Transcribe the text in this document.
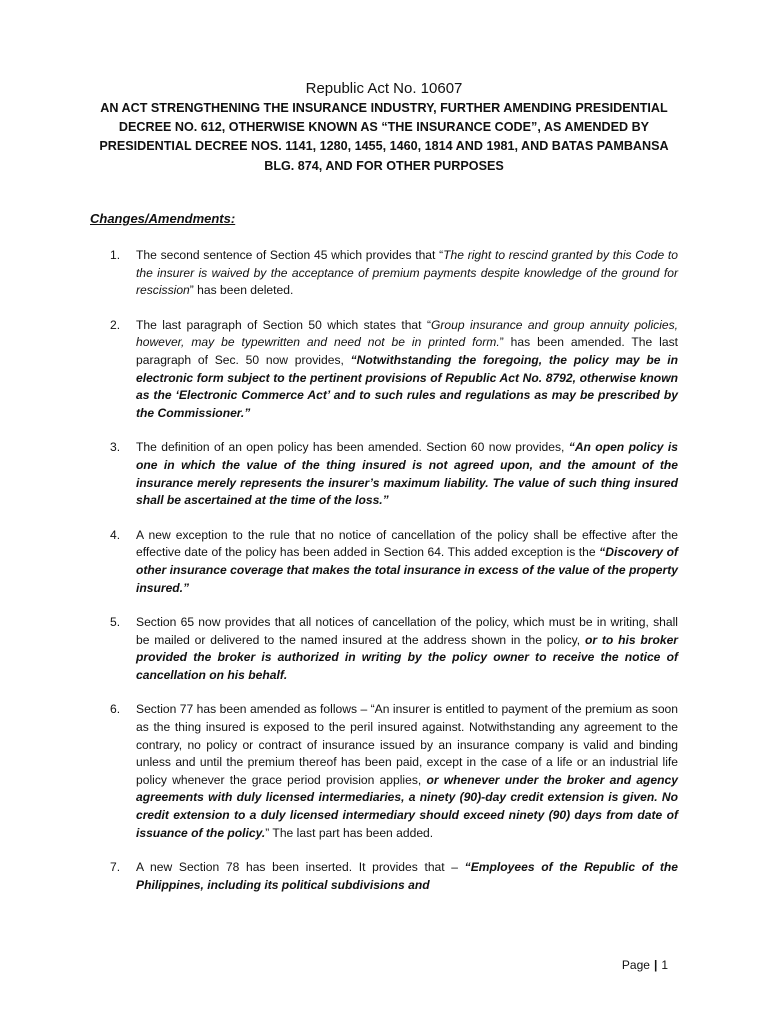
Republic Act No. 10607
AN ACT STRENGTHENING THE INSURANCE INDUSTRY, FURTHER AMENDING PRESIDENTIAL DECREE NO. 612, OTHERWISE KNOWN AS “THE INSURANCE CODE”, AS AMENDED BY PRESIDENTIAL DECREE NOS. 1141, 1280, 1455, 1460, 1814 AND 1981, AND BATAS PAMBANSA BLG. 874, AND FOR OTHER PURPOSES
Changes/Amendments:
1. The second sentence of Section 45 which provides that “The right to rescind granted by this Code to the insurer is waived by the acceptance of premium payments despite knowledge of the ground for rescission” has been deleted.
2. The last paragraph of Section 50 which states that “Group insurance and group annuity policies, however, may be typewritten and need not be in printed form.” has been amended. The last paragraph of Sec. 50 now provides, “Notwithstanding the foregoing, the policy may be in electronic form subject to the pertinent provisions of Republic Act No. 8792, otherwise known as the ‘Electronic Commerce Act’ and to such rules and regulations as may be prescribed by the Commissioner.”
3. The definition of an open policy has been amended. Section 60 now provides, “An open policy is one in which the value of the thing insured is not agreed upon, and the amount of the insurance merely represents the insurer’s maximum liability. The value of such thing insured shall be ascertained at the time of the loss.”
4. A new exception to the rule that no notice of cancellation of the policy shall be effective after the effective date of the policy has been added in Section 64. This added exception is the “Discovery of other insurance coverage that makes the total insurance in excess of the value of the property insured.”
5. Section 65 now provides that all notices of cancellation of the policy, which must be in writing, shall be mailed or delivered to the named insured at the address shown in the policy, or to his broker provided the broker is authorized in writing by the policy owner to receive the notice of cancellation on his behalf.
6. Section 77 has been amended as follows – “An insurer is entitled to payment of the premium as soon as the thing insured is exposed to the peril insured against. Notwithstanding any agreement to the contrary, no policy or contract of insurance issued by an insurance company is valid and binding unless and until the premium thereof has been paid, except in the case of a life or an industrial life policy whenever the grace period provision applies, or whenever under the broker and agency agreements with duly licensed intermediaries, a ninety (90)-day credit extension is given. No credit extension to a duly licensed intermediary should exceed ninety (90) days from date of issuance of the policy.” The last part has been added.
7. A new Section 78 has been inserted. It provides that – “Employees of the Republic of the Philippines, including its political subdivisions and
Page | 1
